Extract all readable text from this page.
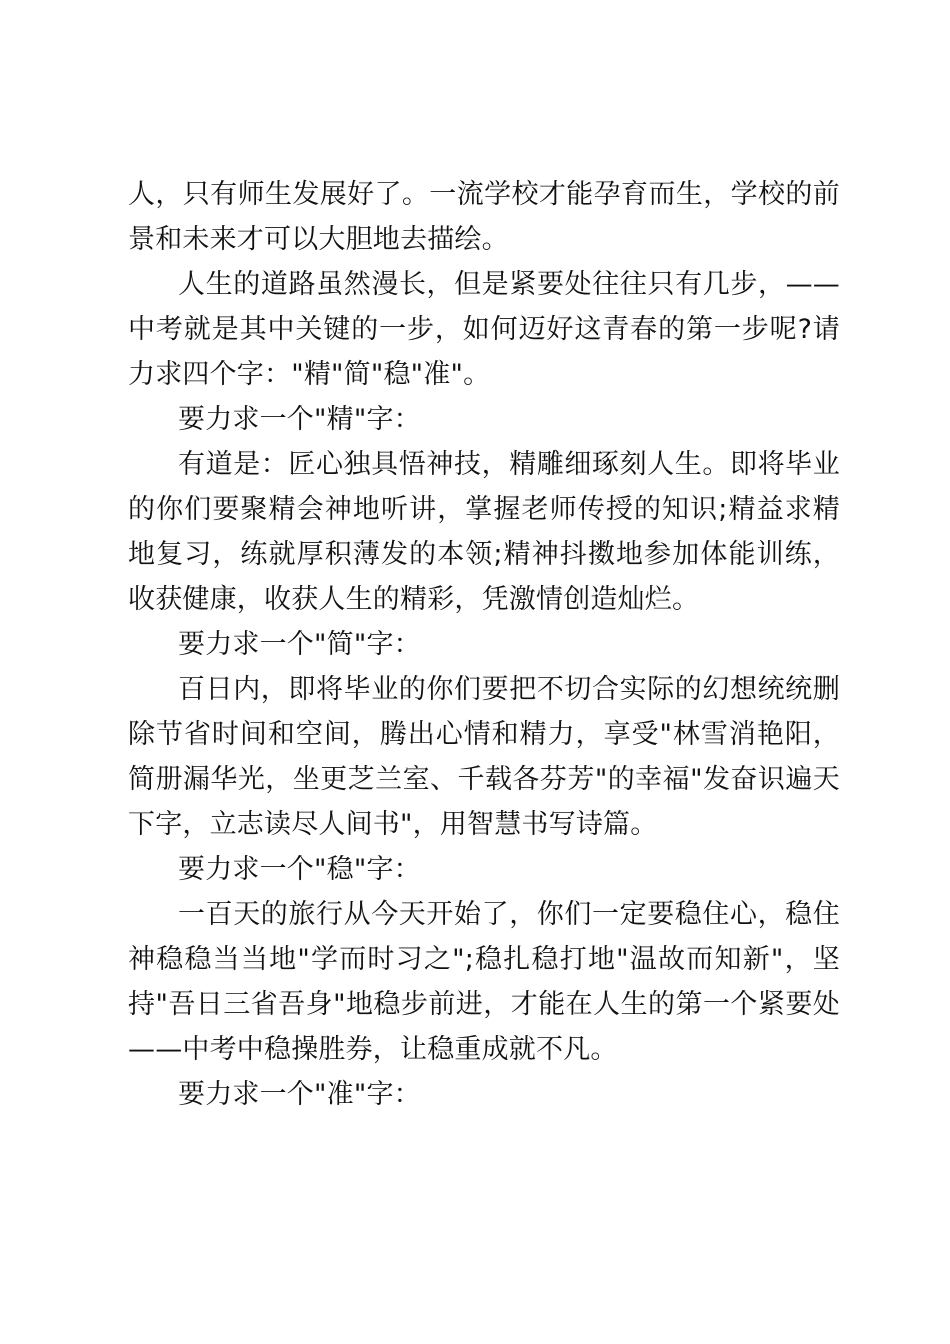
人，只有师生发展好了。一流学校才能孕育而生，学校的前景和未来才可以大胆地去描绘。

人生的道路虽然漫长，但是紧要处往往只有几步，——中考就是其中关键的一步，如何迈好这青春的第一步呢?请力求四个字："精"简"稳"准"。

要力求一个"精"字：

有道是：匠心独具悟神技，精雕细琢刻人生。即将毕业的你们要聚精会神地听讲，掌握老师传授的知识;精益求精地复习，练就厚积薄发的本领;精神抖擞地参加体能训练，收获健康，收获人生的精彩，凭激情创造灿烂。

要力求一个"简"字：

百日内，即将毕业的你们要把不切合实际的幻想统统删除节省时间和空间，腾出心情和精力，享受"林雪消艳阳，简册漏华光，坐更芝兰室、千载各芬芳"的幸福"发奋识遍天下字，立志读尽人间书"，用智慧书写诗篇。

要力求一个"稳"字：

一百天的旅行从今天开始了，你们一定要稳住心，稳住神稳稳当当地"学而时习之";稳扎稳打地"温故而知新"，坚持"吾日三省吾身"地稳步前进，才能在人生的第一个紧要处——中考中稳操胜券，让稳重成就不凡。

要力求一个"准"字：
